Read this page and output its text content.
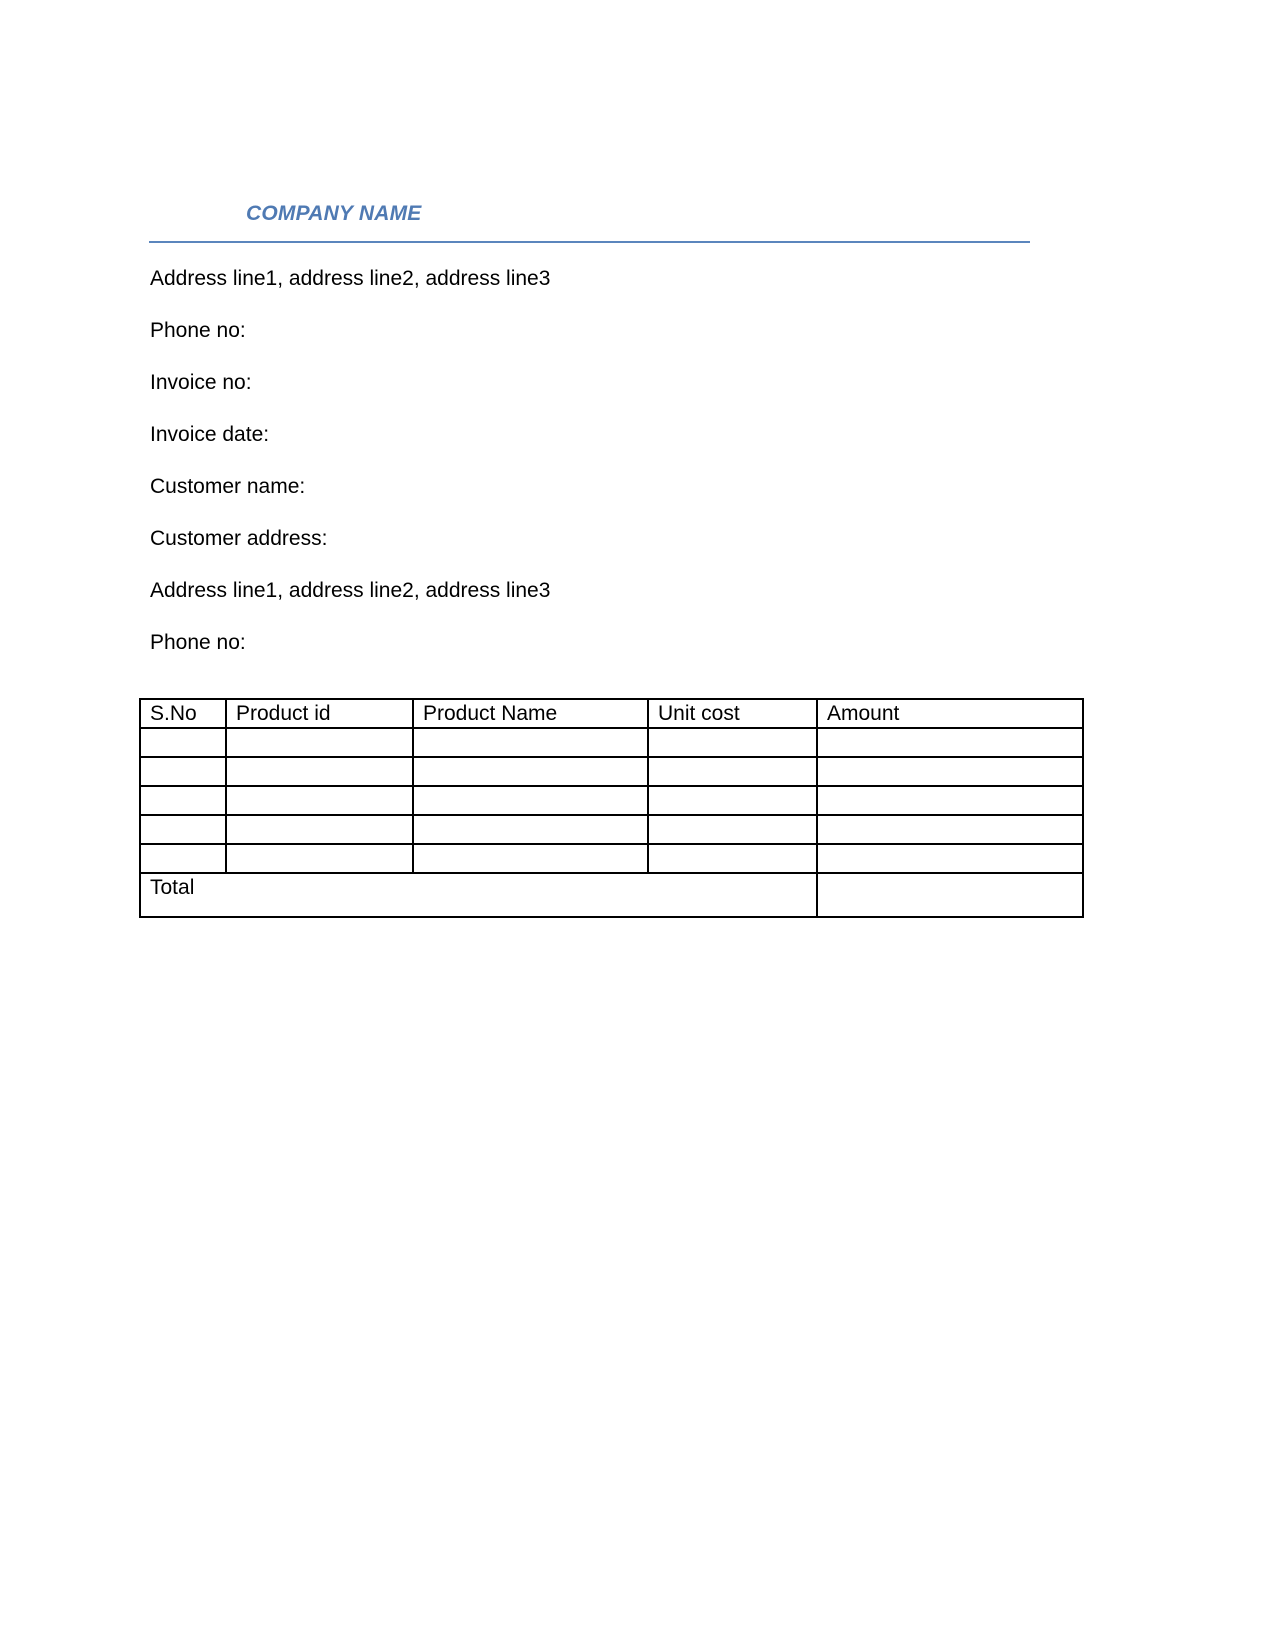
COMPANY NAME
Address line1, address line2, address line3
Phone no:
Invoice no:
Invoice date:
Customer name:
Customer address:
Address line1, address line2, address line3
Phone no:
S.No	Product id	Product Name	Unit cost	Amount

Total				
